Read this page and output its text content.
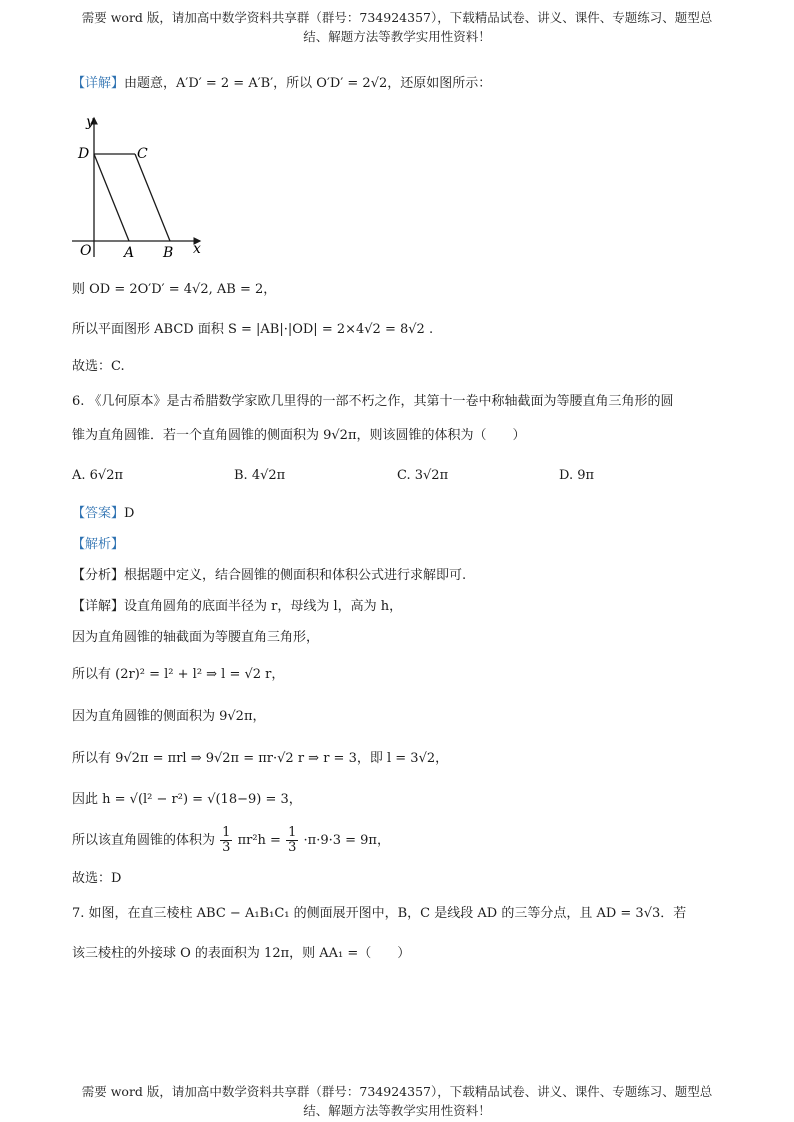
需要 word 版，请加高中数学资料共享群（群号：734924357），下载精品试卷、讲义、课件、专题练习、题型总
结、解题方法等教学实用性资料！
【详解】由题意，A′D′ = 2 = A′B′，所以 O′D′ = 2√2，还原如图所示：
y
D	C
O A B x
则 OD = 2O′D′ = 4√2, AB = 2，
所以平面图形 ABCD 面积 S = |AB|·|OD| = 2×4√2 = 8√2 .
故选：C.
6. 《几何原本》是古希腊数学家欧几里得的一部不朽之作，其第十一卷中称轴截面为等腰直角三角形的圆
锥为直角圆锥．若一个直角圆锥的侧面积为 9√2π，则该圆锥的体积为（　　）
A. 6√2π	B. 4√2π	C. 3√2π	D. 9π
【答案】D
【解析】
【分析】根据题中定义，结合圆锥的侧面积和体积公式进行求解即可.
【详解】设直角圆角的底面半径为 r，母线为 l，高为 h，
因为直角圆锥的轴截面为等腰直角三角形，
所以有 (2r)² = l² + l² ⇒ l = √2 r，
因为直角圆锥的侧面积为 9√2π，
所以有 9√2π = πrl ⇒ 9√2π = πr·√2 r ⇒ r = 3，即 l = 3√2，
因此 h = √(l² − r²) = √(18−9) = 3，
所以该直角圆锥的体积为 $\frac{1}{3} \pi r^2h = \frac{1}{3} \cdot\pi\cdot 9\cdot 3 = 9\pi$，
故选：D
7. 如图，在直三棱柱 ABC − A₁B₁C₁ 的侧面展开图中，B，C 是线段 AD 的三等分点，且 AD = 3√3．若
该三棱柱的外接球 O 的表面积为 12π，则 AA₁ =（　　）
需要 word 版，请加高中数学资料共享群（群号：734924357），下载精品试卷、讲义、课件、专题练习、题型总
结、解题方法等教学实用性资料！
